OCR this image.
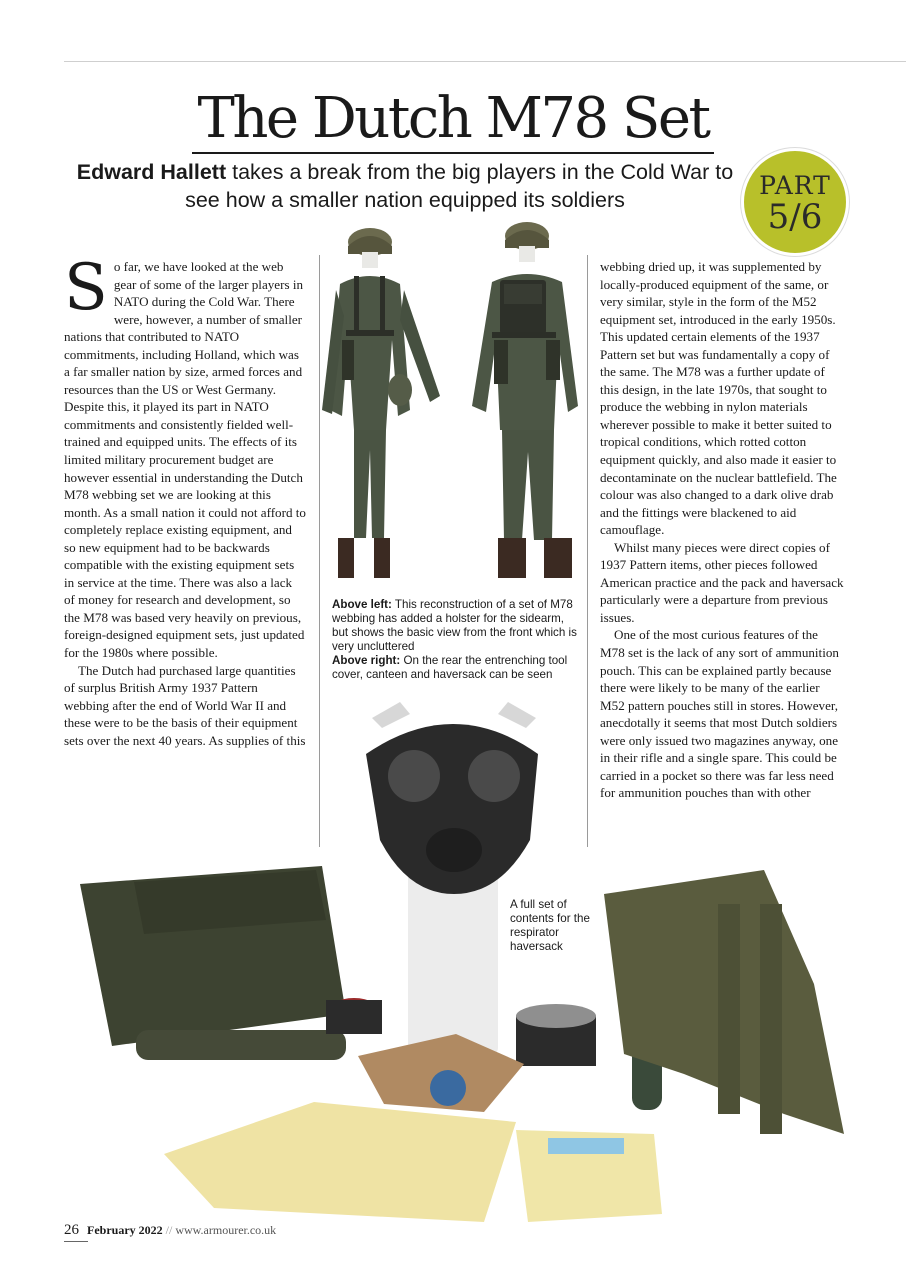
The Dutch M78 Set
Edward Hallett takes a break from the big players in the Cold War to see how a smaller nation equipped its soldiers	PART
5/6
S o far, we have looked at the web gear of some of the larger players in NATO during the Cold War. There were, however, a number of smaller nations that contributed to NATO commitments, including Holland, which was a far smaller nation by size, armed forces and resources than the US or West Germany. Despite this, it played its part in NATO commitments and consistently fielded well-trained and equipped units. The effects of its limited military procurement budget are however essential in understanding the Dutch M78 webbing set we are looking at this month. As a small nation it could not afford to completely replace existing equipment, and so new equipment had to be backwards compatible with the existing equipment sets in service at the time. There was also a lack of money for research and development, so the M78 was based very heavily on previous, foreign-designed equipment sets, just updated for the 1980s where possible.

The Dutch had purchased large quantities of surplus British Army 1937 Pattern webbing after the end of World War II and these were to be the basis of their equipment sets over the next 40 years. As supplies of this

Above left: This reconstruction of a set of M78 webbing has added a holster for the sidearm, but shows the basic view from the front which is very uncluttered
Above right: On the rear the entrenching tool cover, canteen and haversack can be seen

webbing dried up, it was supplemented by locally-produced equipment of the same, or very similar, style in the form of the M52 equipment set, introduced in the early 1950s. This updated certain elements of the 1937 Pattern set but was fundamentally a copy of the same. The M78 was a further update of this design, in the late 1970s, that sought to produce the webbing in nylon materials wherever possible to make it better suited to tropical conditions, which rotted cotton equipment quickly, and also made it easier to decontaminate on the nuclear battlefield. The colour was also changed to a dark olive drab and the fittings were blackened to aid camouflage.

Whilst many pieces were direct copies of 1937 Pattern items, other pieces followed American practice and the pack and haversack particularly were a departure from previous issues.

One of the most curious features of the M78 set is the lack of any sort of ammunition pouch. This can be explained partly because there were likely to be many of the earlier M52 pattern pouches still in stores. However, anecdotally it seems that most Dutch soldiers were only issued two magazines anyway, one in their rifle and a single spare. This could be carried in a pocket so there was far less need for ammunition pouches than with other

A full set of contents for the respirator haversack
26 February 2022 // www.armourer.co.uk
